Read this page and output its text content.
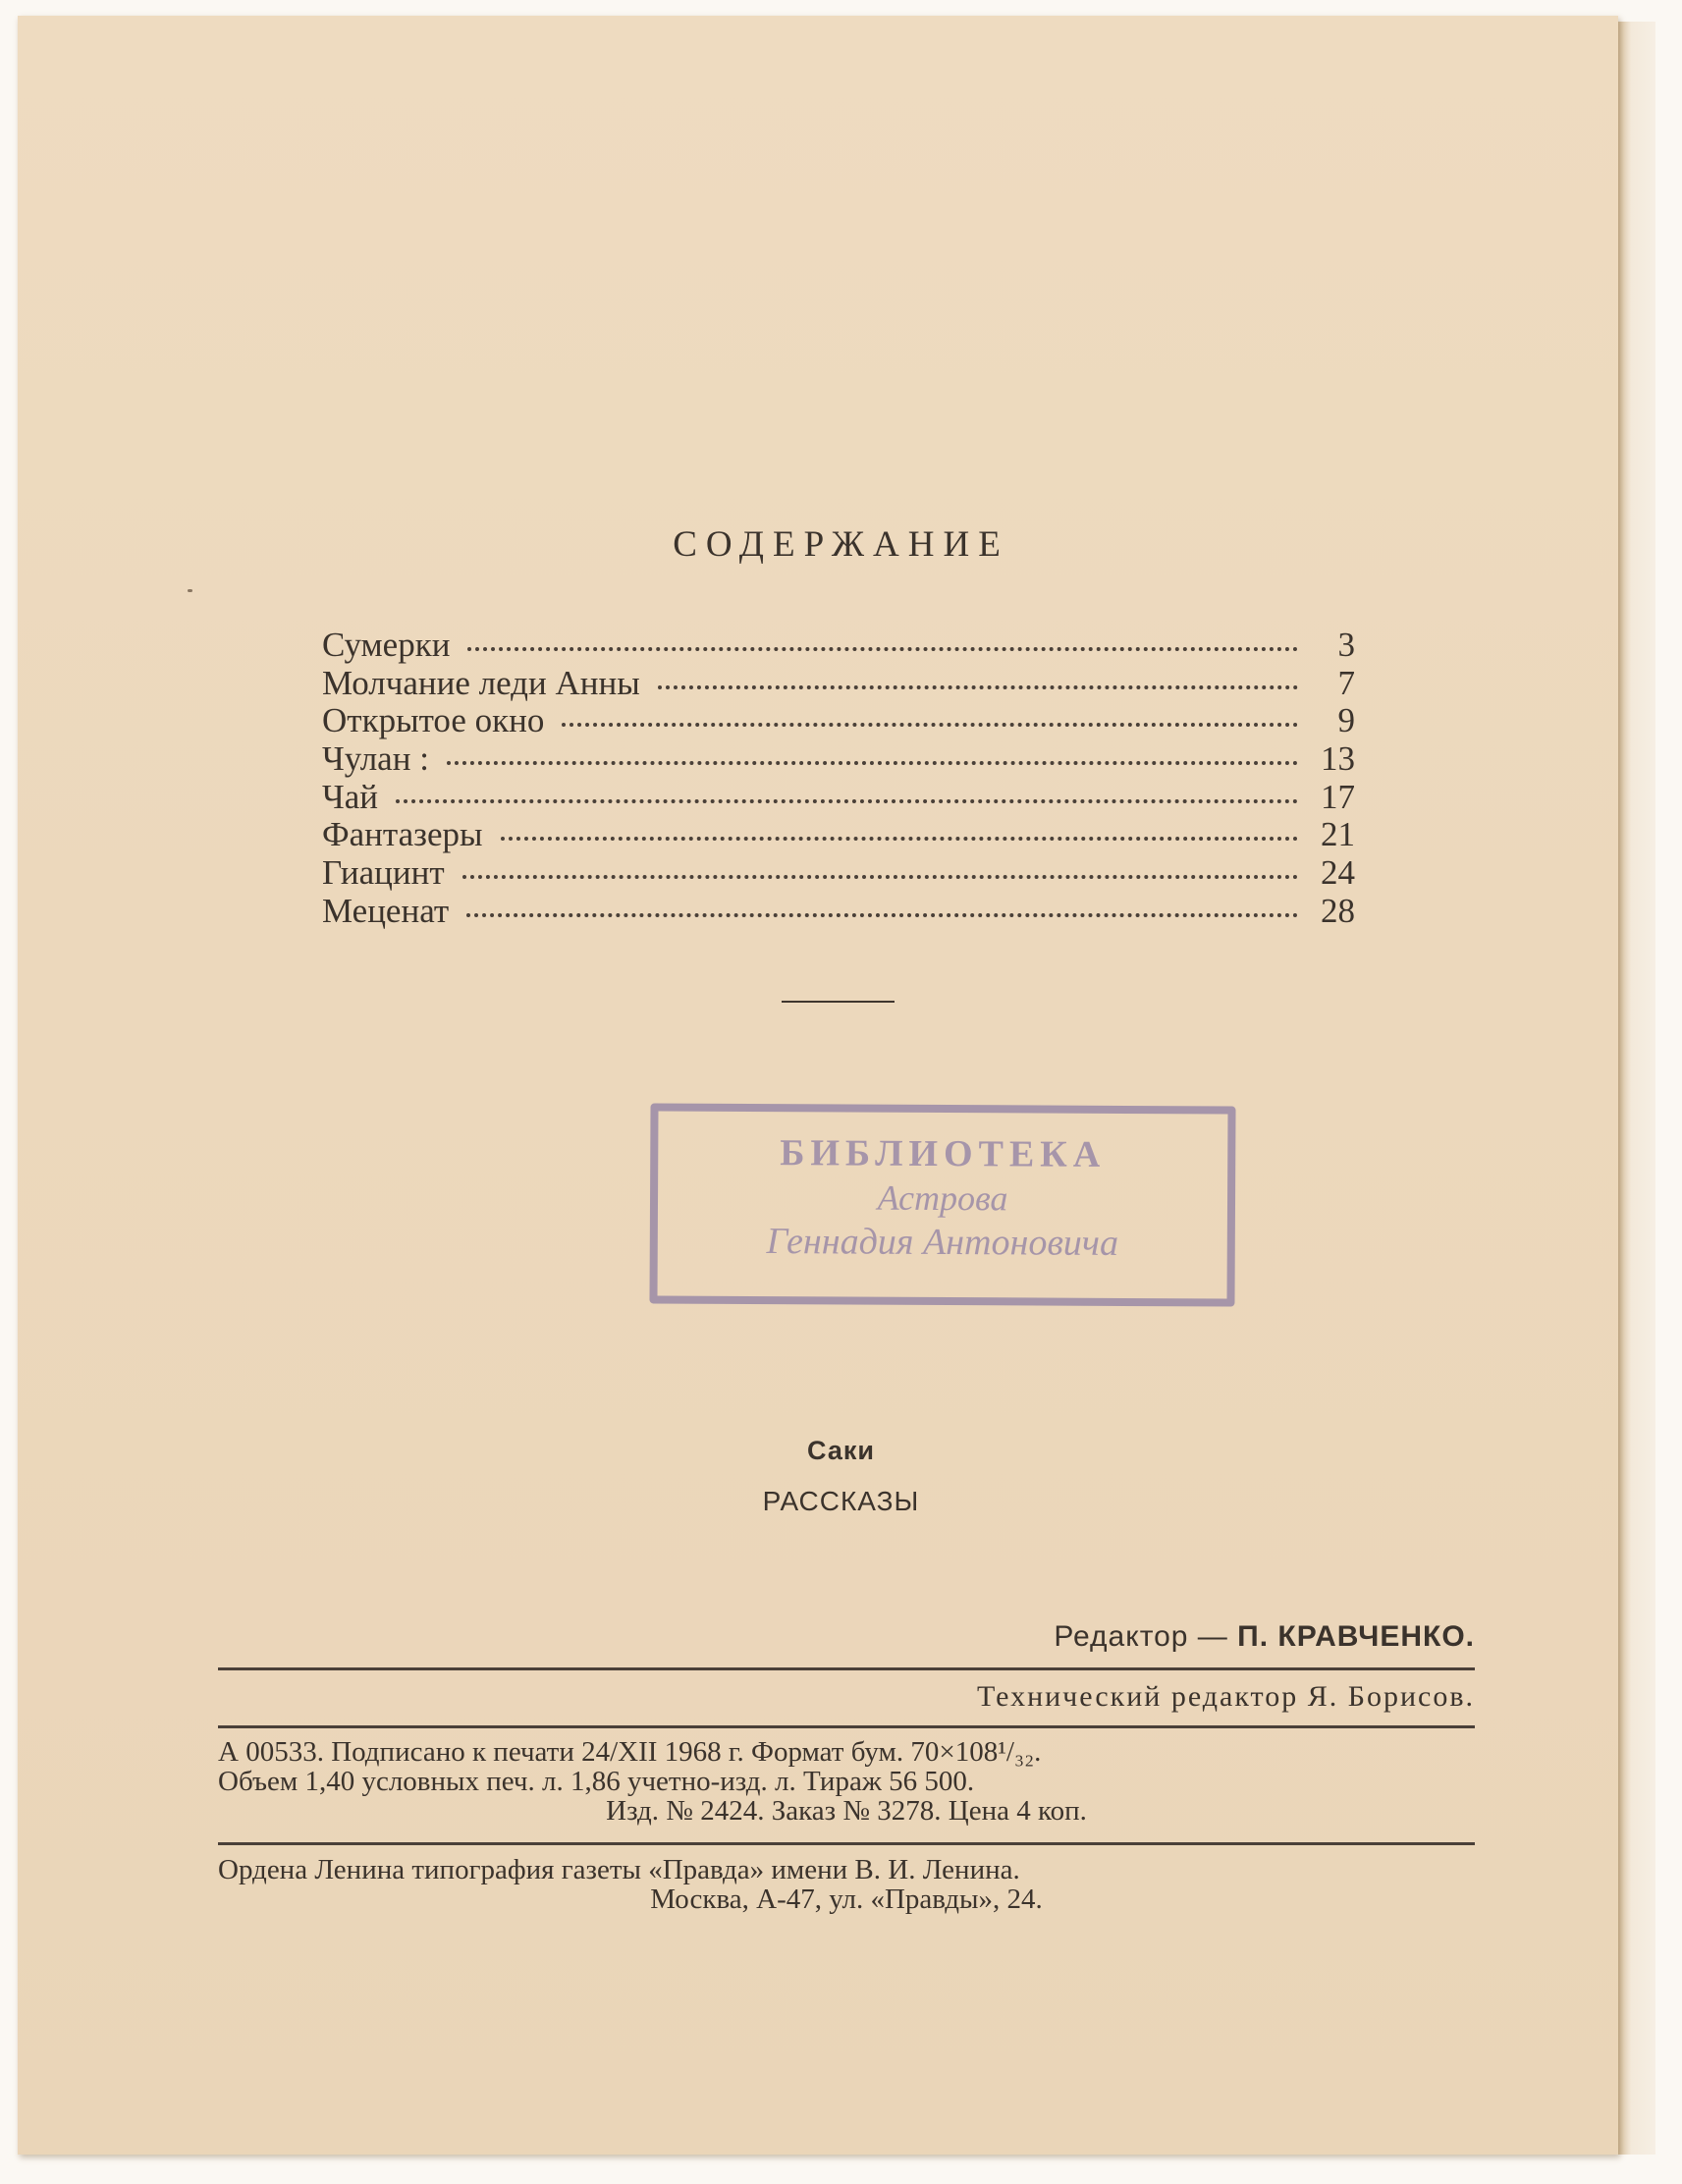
СОДЕРЖАНИЕ
Сумерки	3
Молчание леди Анны	7
Открытое окно	9
Чулан :	13
Чай	17
Фантазеры	21
Гиацинт	24
Меценат	28
БИБЛИОТЕКА
Астрова
Геннадия Антоновича
Саки
РАССКАЗЫ
Редактор — П. КРАВЧЕНКО.
Технический редактор Я. Борисов.
А 00533. Подписано к печати 24/XII 1968 г. Формат бум. 70×108¹/₃₂.
Объем 1,40 условных печ. л. 1,86 учетно-изд. л. Тираж 56 500.
Изд. № 2424. Заказ № 3278. Цена 4 коп.
Ордена Ленина типография газеты «Правда» имени В. И. Ленина.
Москва, А-47, ул. «Правды», 24.
